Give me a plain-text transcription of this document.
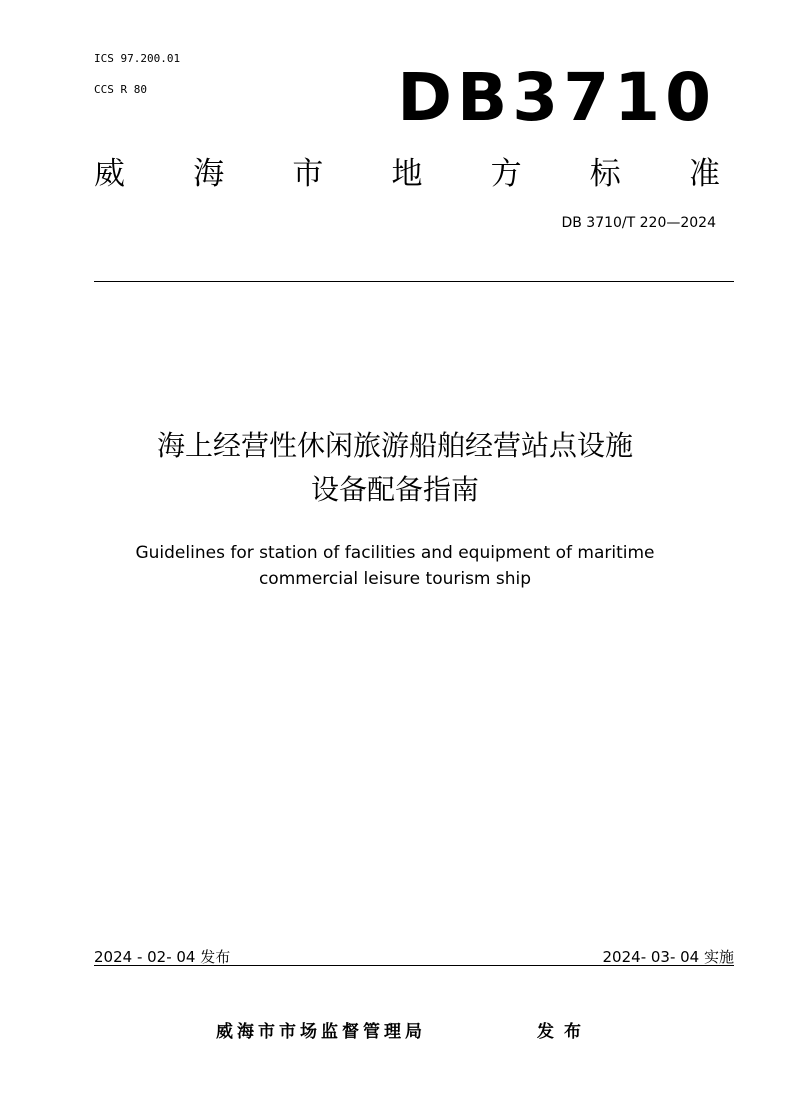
ICS 97.200.01
CCS R 80	DB3710
威 海 市 地 方 标 准
DB 3710/T 220—2024
海上经营性休闲旅游船舶经营站点设施
设备配备指南
Guidelines for station of facilities and equipment of maritime
commercial leisure tourism ship
2024 - 02- 04 发布	2024- 03- 04 实施
威海市市场监督管理局	发布
